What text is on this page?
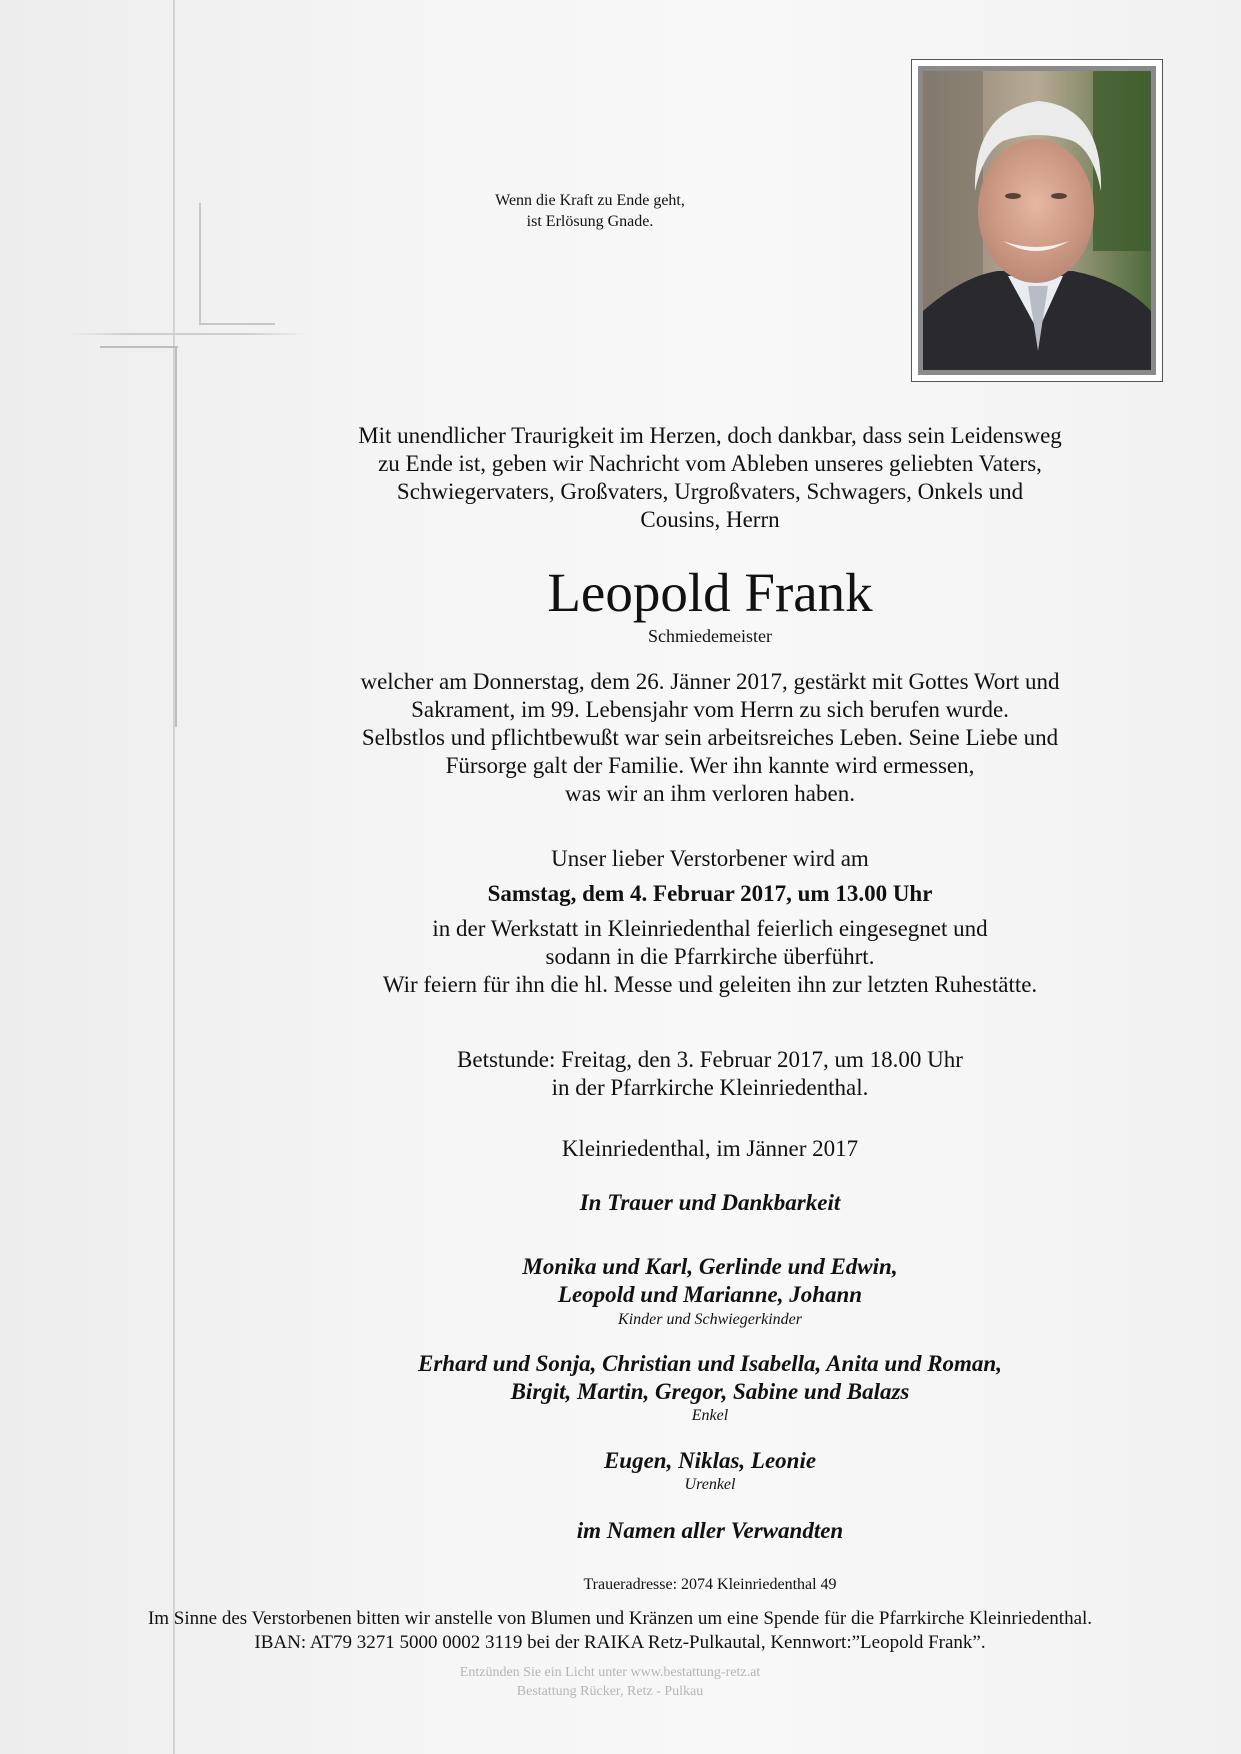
Wenn die Kraft zu Ende geht,
ist Erlösung Gnade.
Mit unendlicher Traurigkeit im Herzen, doch dankbar, dass sein Leidensweg
zu Ende ist, geben wir Nachricht vom Ableben unseres geliebten Vaters,
Schwiegervaters, Großvaters, Urgroßvaters, Schwagers, Onkels und
Cousins, Herrn
Leopold Frank
Schmiedemeister
welcher am Donnerstag, dem 26. Jänner 2017, gestärkt mit Gottes Wort und
Sakrament, im 99. Lebensjahr vom Herrn zu sich berufen wurde.
Selbstlos und pflichtbewußt war sein arbeitsreiches Leben. Seine Liebe und
Fürsorge galt der Familie. Wer ihn kannte wird ermessen,
was wir an ihm verloren haben.
Unser lieber Verstorbener wird am
Samstag, dem 4. Februar 2017, um 13.00 Uhr
in der Werkstatt in Kleinriedenthal feierlich eingesegnet und
sodann in die Pfarrkirche überführt.
Wir feiern für ihn die hl. Messe und geleiten ihn zur letzten Ruhestätte.
Betstunde: Freitag, den 3. Februar 2017, um 18.00 Uhr
in der Pfarrkirche Kleinriedenthal.
Kleinriedenthal, im Jänner 2017
In Trauer und Dankbarkeit
Monika und Karl, Gerlinde und Edwin,
Leopold und Marianne, Johann
Kinder und Schwiegerkinder
Erhard und Sonja, Christian und Isabella, Anita und Roman,
Birgit, Martin, Gregor, Sabine und Balazs
Enkel
Eugen, Niklas, Leonie
Urenkel
im Namen aller Verwandten
Traueradresse: 2074 Kleinriedenthal 49
Im Sinne des Verstorbenen bitten wir anstelle von Blumen und Kränzen um eine Spende für die Pfarrkirche Kleinriedenthal.
IBAN: AT79 3271 5000 0002 3119 bei der RAIKA Retz-Pulkautal, Kennwort:”Leopold Frank”.
Entzünden Sie ein Licht unter www.bestattung-retz.at
Bestattung Rücker, Retz - Pulkau
